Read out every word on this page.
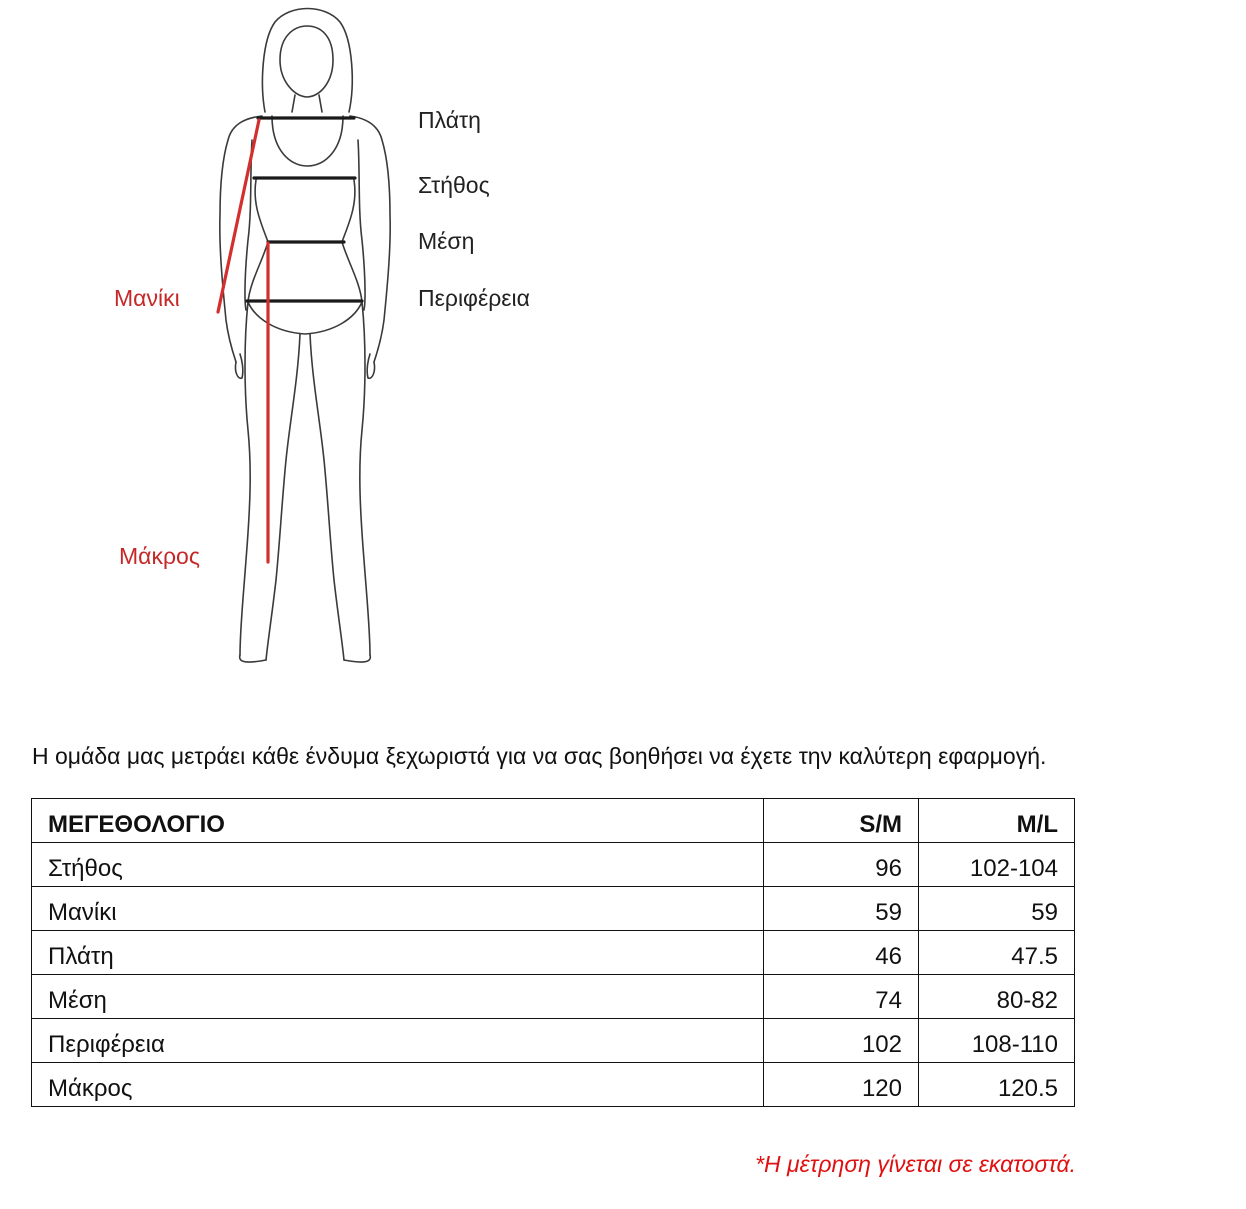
Πλάτη
Στήθος
Μέση
Περιφέρεια
Μανίκι
Μάκρος
Η ομάδα μας μετράει κάθε ένδυμα ξεχωριστά για να σας βοηθήσει να έχετε την καλύτερη εφαρμογή.
ΜΕΓΕΘΟΛΟΓΙΟ	S/M	M/L
Στήθος	96	102-104
Μανίκι	59	59
Πλάτη	46	47.5
Μέση	74	80-82
Περιφέρεια	102	108-110
Μάκρος	120	120.5
*Η μέτρηση γίνεται σε εκατοστά.
